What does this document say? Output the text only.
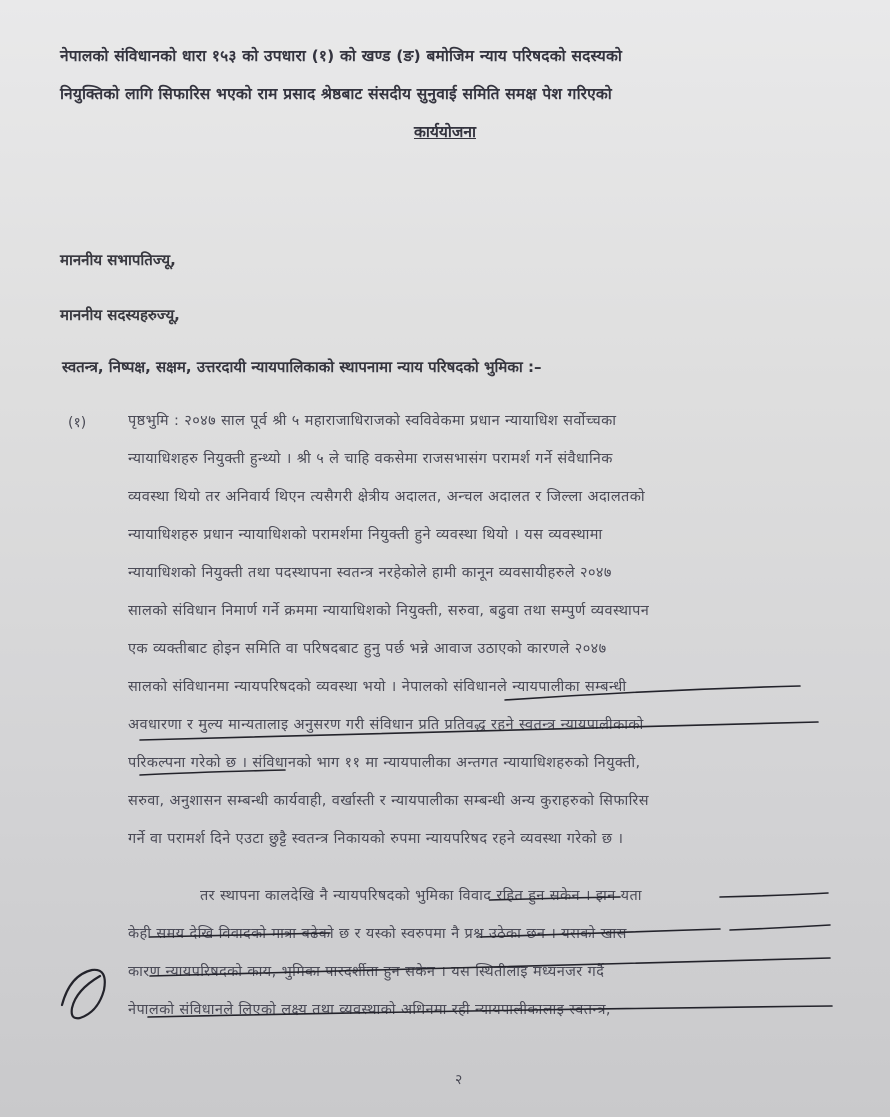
नेपालको संविधानको धारा १५३ को उपधारा (१) को खण्ड (ङ) बमोजिम न्याय परिषदको सदस्यको
नियुक्तिको लागि सिफारिस भएको राम प्रसाद श्रेष्ठबाट संसदीय सुनुवाई समिति समक्ष पेश गरिएको
कार्ययोजना
माननीय सभापतिज्यू,
माननीय सदस्यहरुज्यू,
स्वतन्त्र, निष्पक्ष, सक्षम, उत्तरदायी न्यायपालिकाको स्थापनामा न्याय परिषदको भुमिका :–
(१)	पृष्ठभुमि : २०४७ साल पूर्व श्री ५ महाराजाधिराजको स्वविवेकमा प्रधान न्यायाधिश सर्वोच्चका
न्यायाधिशहरु नियुक्ती हुन्थ्यो । श्री ५ ले चाहि वकसेमा राजसभासंग परामर्श गर्ने संवैधानिक
व्यवस्था थियो तर अनिवार्य थिएन त्यसैगरी क्षेत्रीय अदालत, अन्चल अदालत र जिल्ला अदालतको
न्यायाधिशहरु प्रधान न्यायाधिशको परामर्शमा नियुक्ती हुने व्यवस्था थियो । यस व्यवस्थामा
न्यायाधिशको नियुक्ती तथा पदस्थापना स्वतन्त्र नरहेकोले हामी कानून व्यवसायीहरुले २०४७
सालको संविधान निमार्ण गर्ने क्रममा न्यायाधिशको नियुक्ती, सरुवा, बढुवा तथा सम्पुर्ण व्यवस्थापन
एक व्यक्तीबाट होइन समिति वा परिषदबाट हुनु पर्छ भन्ने आवाज उठाएको कारणले २०४७
सालको संविधानमा न्यायपरिषदको व्यवस्था भयो । नेपालको संविधानले न्यायपालीका सम्बन्धी
अवधारणा र मुल्य मान्यतालाइ अनुसरण गरी संविधान प्रति प्रतिवद्ध रहने स्वतन्त्र न्यायपालीकाको
परिकल्पना गरेको छ । संविधानको भाग ११ मा न्यायपालीका अन्तगत न्यायाधिशहरुको नियुक्ती,
सरुवा, अनुशासन सम्बन्धी कार्यवाही, वर्खास्ती र न्यायपालीका सम्बन्धी अन्य कुराहरुको सिफारिस
गर्ने वा परामर्श दिने एउटा छुट्टै स्वतन्त्र निकायको रुपमा न्यायपरिषद रहने व्यवस्था गरेको छ ।
तर स्थापना कालदेखि नै न्यायपरिषदको भुमिका विवाद रहित हुन सकेन । झन यता
केही समय देखि विवादको मात्रा बढेको छ र यस्को स्वरुपमा नै प्रश्न उठेका छन । यसको खास
कारण न्यायपरिषदको काय, भुमिका पारदर्शीता हुन सकेन । यस स्थितीलाइ मध्यनजर गर्दै
नेपालको संविधानले लिएको लक्ष्य तथा व्यवस्थाको अधिनमा रही न्यायपालीकालाइ स्वतन्त्र,
२
